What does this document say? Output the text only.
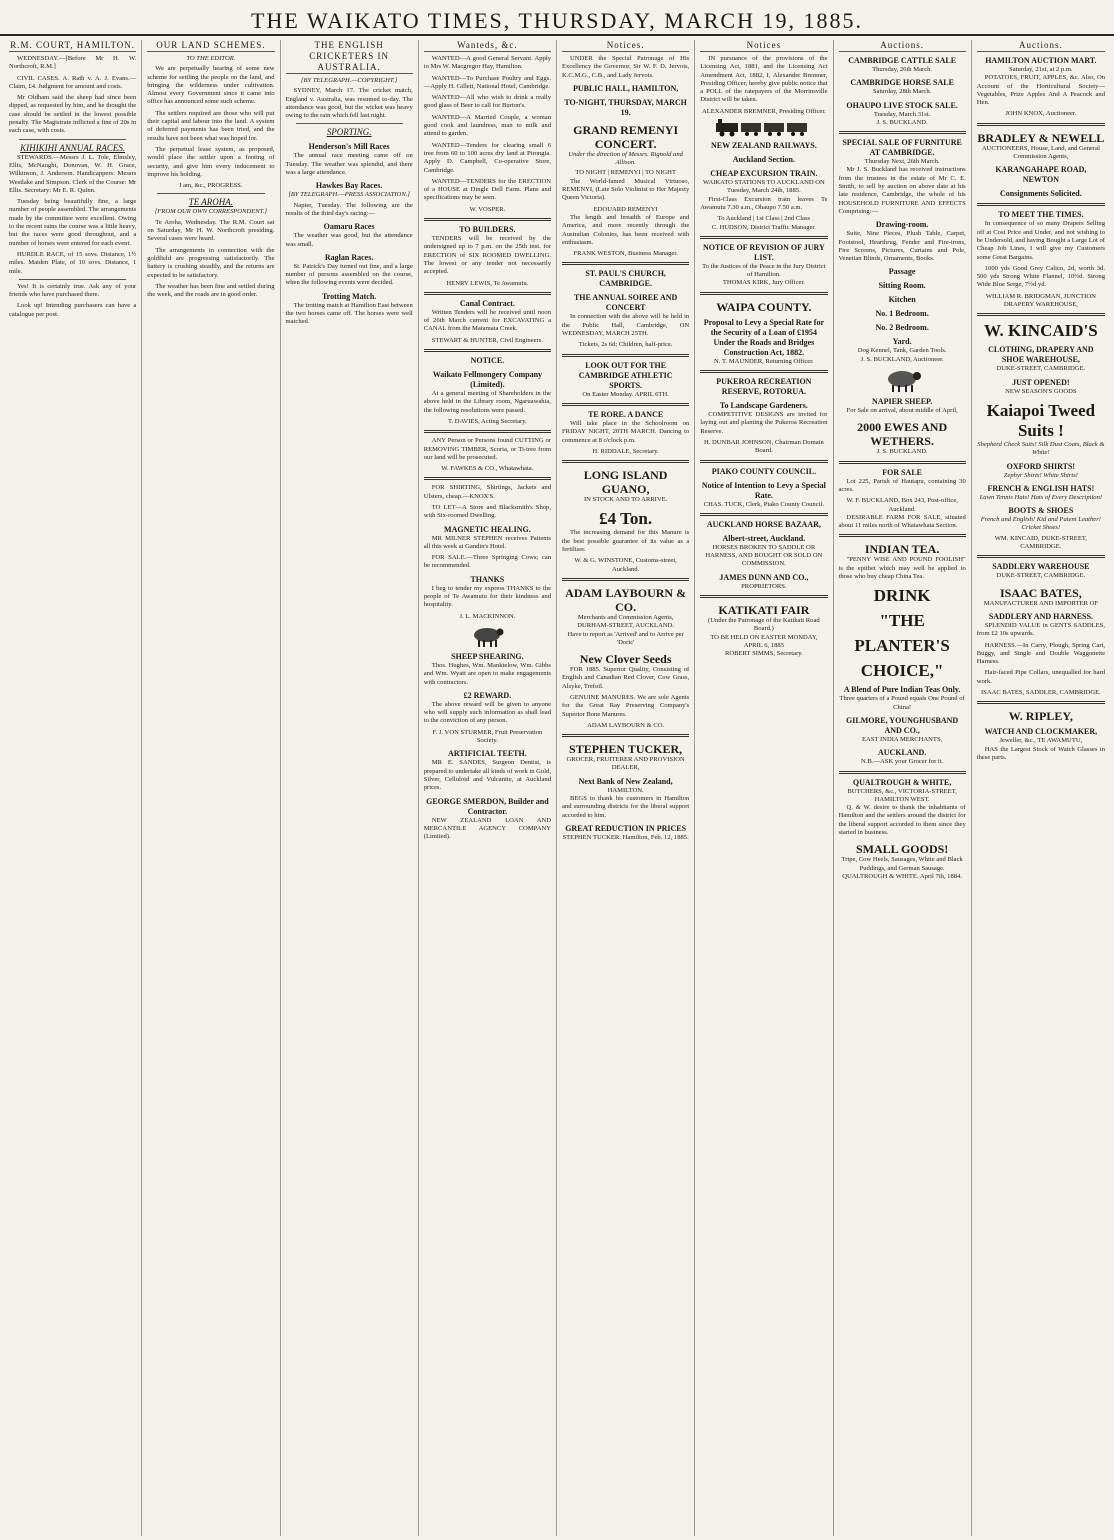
THE WAIKATO TIMES, THURSDAY, MARCH 19, 1885.
R.M. COURT, HAMILTON.
WEDNESDAY.—[Before Mr H. W. Northcroft, R.M.]
CIVIL CASES. A. Rath v. A. J. Evans.—Claim, £4. Judgment for amount and costs.
Mr Oldham said the sheep had since been dipped, as requested by him, and he thought the case should be settled in the lowest possible penalty. The Magistrate inflicted a fine of 20s in each case, with costs.
KIHIKIHI ANNUAL RACES.
STEWARDS.—Messrs J. L. Tole, Elmsley, Ellis, McNaught, Donovan, W. H. Grace, Wilkinson, J. Anderson. Handicappers: Messrs Westlake and Simpson. Clerk of the Course: Mr Ellis. Secretary: Mr E. R. Quinn.
Tuesday being beautifully fine, a large number of people assembled. The arrangements made by the committee were excellent. Owing to the recent rains the course was a little heavy, but the races were good throughout, and a number of horses were entered for each event.
HURDLE RACE, of 15 sovs. Distance, 1½ miles. Maiden Plate, of 10 sovs. Distance, 1 mile.
Yes! It is certainly true. Ask any of your friends who have purchased there.
Look up! Intending purchasers can have a catalogue per post.
OUR LAND SCHEMES.
TO THE EDITOR.
We are perpetually hearing of some new scheme for settling the people on the land, and bringing the wilderness under cultivation. Almost every Government since it came into office has announced some such scheme.
The settlers required are those who will put their capital and labour into the land. A system of deferred payments has been tried, and the results have not been what was hoped for.
The perpetual lease system, as proposed, would place the settler upon a footing of security, and give him every inducement to improve his holding.
I am, &c., PROGRESS.
TE AROHA.
[FROM OUR OWN CORRESPONDENT.]
Te Aroha, Wednesday. The R.M. Court sat on Saturday, Mr H. W. Northcroft presiding. Several cases were heard.
The arrangements in connection with the goldfield are progressing satisfactorily. The battery is crushing steadily, and the returns are expected to be satisfactory.
The weather has been fine and settled during the week, and the roads are in good order.
THE ENGLISH CRICKETERS IN AUSTRALIA.
[BY TELEGRAPH.—COPYRIGHT.]
SYDNEY, March 17. The cricket match, England v. Australia, was resumed to-day. The attendance was good, but the wicket was heavy owing to the rain which fell last night.
SPORTING.
Henderson's Mill Races
The annual race meeting came off on Tuesday. The weather was splendid, and there was a large attendance.
Hawkes Bay Races.
[BY TELEGRAPH.—PRESS ASSOCIATION.]
Napier, Tuesday. The following are the results of the third day's racing:—
Oamaru Races
The weather was good, but the attendance was small.
Raglan Races.
St. Patrick's Day turned out fine, and a large number of persons assembled on the course, when the following events were decided.
Trotting Match.
The trotting match at Hamilton East between the two horses came off. The horses were well matched.
Wanteds, &c.
WANTED—A good General Servant. Apply to Mrs W. Macgregor Hay, Hamilton.
WANTED—To Purchase Poultry and Eggs.—Apply H. Gillett, National Hotel, Cambridge.
WANTED—All who wish to drink a really good glass of Beer to call for Burton's.
WANTED—A Married Couple, a woman good cook and laundress, man to milk and attend to garden.
WANTED—Tenders for clearing small 6 tree from 60 to 100 acres dry land at Pirongia. Apply D. Campbell, Co-operative Store, Cambridge.
WANTED—TENDERS for the ERECTION of a HOUSE at Dingle Dell Farm. Plans and specifications may be seen.
W. VOSPER.
TO BUILDERS.
TENDERS will be received by the undersigned up to 7 p.m. on the 25th inst. for ERECTION of SIX ROOMED DWELLING. The lowest or any tender not necessarily accepted.
HENRY LEWIS, Te Awamutu.
Canal Contract.
Written Tenders will be received until noon of 26th March current for EXCAVATING a CANAL from the Matamata Creek.
STEWART & HUNTER, Civil Engineers.
NOTICE.
Waikato Fellmongery Company (Limited).
At a general meeting of Shareholders in the above held in the Library room, Ngaruawahia, the following resolutions were passed.
T. DAVIES, Acting Secretary.
ANY Person or Persons found CUTTING or REMOVING TIMBER, Scoria, or Ti-tree from our land will be prosecuted.
W. FAWKES & CO., Whatawhata.
FOR SHIRTING, Shirtings, Jackets and Ulsters, cheap.—KNOX'S.
TO LET—A Store and Blacksmith's Shop, with Six-roomed Dwelling.
MAGNETIC HEALING.
MR MILNER STEPHEN receives Patients all this week at Gandin's Hotel.
FOR SALE.—Three Springing Cows; can be recommended.
THANKS
I beg to tender my express THANKS to the people of Te Awamutu for their kindness and hospitality.
J. L. MACKINNON.
SHEEP SHEARING.
Thos. Hughes, Wm. Manktelow, Wm. Gibbs and Wm. Wyatt are open to make engagements with contractors.
£2 REWARD.
The above reward will be given to anyone who will supply such information as shall lead to the conviction of any person.
F. J. VON STURMER, Fruit Preservation Society.
ARTIFICIAL TEETH.
MR E. SANDES, Surgeon Dentist, is prepared to undertake all kinds of work in Gold, Silver, Celluloid and Vulcanite, at Auckland prices.
GEORGE SMERDON, Builder and Contractor.
NEW ZEALAND LOAN AND MERCANTILE AGENCY COMPANY (Limited).
Notices.
UNDER the Special Patronage of His Excellency the Governor, Sir W. F. D. Jervois, K.C.M.G., C.B., and Lady Jervois.
PUBLIC HALL, HAMILTON,
TO-NIGHT, THURSDAY, MARCH 19.
GRAND REMENYI CONCERT.
Under the direction of Messrs. Rignold and Allison.
TO NIGHT | REMENYI | TO NIGHT
The World-famed Musical Virtuoso, REMENYI, (Late Solo Violinist to Her Majesty Queen Victoria).
EDOUARD REMENYI
The length and breadth of Europe and America, and more recently through the Australian Colonies, has been received with enthusiasm.
FRANK WESTON, Business Manager.
ST. PAUL'S CHURCH, CAMBRIDGE.
THE ANNUAL SOIREE AND CONCERT
In connection with the above will be held in the Public Hall, Cambridge, ON WEDNESDAY, MARCH 25TH.
Tickets, 2s 6d; Children, half-price.
LOOK OUT FOR THE CAMBRIDGE ATHLETIC SPORTS.
On Easter Monday. APRIL 6TH.
TE RORE. A DANCE
Will take place in the Schoolroom on FRIDAY NIGHT, 20TH MARCH. Dancing to commence at 8 o'clock p.m.
H. RIDDALE, Secretary.
LONG ISLAND GUANO,
IN STOCK AND TO ARRIVE.
£4 Ton.
The increasing demand for this Manure is the best possible guarantee of its value as a fertiliser.
W. & G. WINSTONE, Customs-street, Auckland.
ADAM LAYBOURN & CO.
Merchants and Commission Agents, DURHAM-STREET, AUCKLAND.
Have to report as 'Arrived' and to Arrive per 'Doric'
New Clover Seeds
FOR 1885. Superior Quality, Consisting of English and Canadian Red Clover, Cow Grass, Alsyke, Trefoil.
GENUINE MANURES. We are sole Agents for the Great Ray Preserving Company's Superior Bone Manures.
ADAM LAYBOURN & CO.
STEPHEN TUCKER,
GROCER, FRUITERER AND PROVISION DEALER,
Next Bank of New Zealand,
HAMILTON.
BEGS to thank his customers in Hamilton and surrounding districts for the liberal support accorded to him.
GREAT REDUCTION IN PRICES
STEPHEN TUCKER. Hamilton, Feb. 12, 1885.
Notices
IN pursuance of the provisions of the Licensing Act, 1881, and the Licensing Act Amendment Act, 1882, I, Alexander Bremner, Presiding Officer, hereby give public notice that a POLL of the ratepayers of the Morrinsville District will be taken.
ALEXANDER BREMNER, Presiding Officer.
NEW ZEALAND RAILWAYS.
Auckland Section.
CHEAP EXCURSION TRAIN.
WAIKATO STATIONS TO AUCKLAND ON Tuesday, March 24th, 1885.
First-Class Excursion train leaves Te Awamutu 7.30 a.m., Ohaupo 7.50 a.m.
To Auckland | 1st Class | 2nd Class
C. HUDSON, District Traffic Manager.
NOTICE OF REVISION OF JURY LIST.
To the Justices of the Peace in the Jury District of Hamilton.
THOMAS KIRK, Jury Officer.
WAIPA COUNTY.
Proposal to Levy a Special Rate for the Security of a Loan of £1954 Under the Roads and Bridges Construction Act, 1882.
N. T. MAUNDER, Returning Officer.
PUKEROA RECREATION RESERVE, ROTORUA.
To Landscape Gardeners.
COMPETITIVE DESIGNS are invited for laying out and planting the Pukeroa Recreation Reserve.
H. DUNBAR JOHNSON, Chairman Domain Board.
PIAKO COUNTY COUNCIL.
Notice of Intention to Levy a Special Rate.
CHAS. TUCK, Clerk, Piako County Council.
AUCKLAND HORSE BAZAAR,
Albert-street, Auckland.
HORSES BROKEN TO SADDLE OR HARNESS, AND BOUGHT OR SOLD ON COMMISSION.
JAMES DUNN AND CO.,
PROPRIETORS.
KATIKATI FAIR
(Under the Patronage of the Katikati Road Board.)
TO BE HELD ON EASTER MONDAY, APRIL 6, 1885
ROBERT SIMMS, Secretary.
Auctions.
CAMBRIDGE CATTLE SALE
Thursday, 26th March.
CAMBRIDGE HORSE SALE
Saturday, 28th March.
OHAUPO LIVE STOCK SALE.
Tuesday, March 31st.
J. S. BUCKLAND.
SPECIAL SALE OF FURNITURE AT CAMBRIDGE.
Thursday Next, 26th March.
Mr J. S. Buckland has received instructions from the trustees in the estate of Mr C. E. Smith, to sell by auction on above date at his late residence, Cambridge, the whole of his HOUSEHOLD FURNITURE AND EFFECTS Comprising:—
Drawing-room.
Suite, Nine Pieces, Plush Table, Carpet, Footstool, Hearthrug, Fender and Fire-irons, Fire Screens, Pictures, Curtains and Pole, Venetian Blinds, Ornaments, Books.
Passage
Sitting Room.
Kitchen
No. 1 Bedroom.
No. 2 Bedroom.
Yard.
Dog Kennel, Tank, Garden Tools.
J. S. BUCKLAND, Auctioneer.
NAPIER SHEEP.
For Sale on arrival, about middle of April,
2000 EWES AND WETHERS.
J. S. BUCKLAND.
FOR SALE
Lot 225, Parish of Hautapu, containing 30 acres.
W. F. BUCKLAND, Box 243, Post-office, Auckland.
DESIRABLE FARM FOR SALE, situated about 11 miles north of Whatawhata Section.
INDIAN TEA.
"PENNY WISE AND POUND FOOLISH" is the epithet which may well be applied to those who buy cheap China Tea.
DRINK
"THE
PLANTER'S
CHOICE,"
A Blend of Pure Indian Teas Only.
Three quarters of a Pound equals One Pound of China!
GILMORE, YOUNGHUSBAND AND CO.,
EAST INDIA MERCHANTS,
AUCKLAND.
N.B.—ASK your Grocer for it.
QUALTROUGH & WHITE,
BUTCHERS, &c., VICTORIA-STREET, HAMILTON WEST.
Q. & W. desire to thank the inhabitants of Hamilton and the settlers around the district for the liberal support accorded to them since they started in business.
SMALL GOODS!
Tripe, Cow Heels, Sausages, White and Black Puddings, and German Sausage.
QUALTROUGH & WHITE. April 7th, 1884.
Auctions.
HAMILTON AUCTION MART.
Saturday, 21st, at 2 p.m.
POTATOES, FRUIT, APPLES, &c. Also, On Account of the Horticultural Society— Vegetables, Prize Apples And A Peacock and Hen.
JOHN KNOX, Auctioneer.
BRADLEY & NEWELL
AUCTIONEERS, House, Land, and General Commission Agents,
KARANGAHAPE ROAD, NEWTON
Consignments Solicited.
TO MEET THE TIMES.
In consequence of so many Drapers Selling off at Cost Price and Under, and not wishing to be Undersold, and having Bought a Large Lot of Cheap Job Lines, I will give my Customers some Great Bargains.
1000 yds Good Grey Calico, 2d, worth 3d. 500 yds Strong White Flannel, 10½d. Strong Wide Blue Serge, 7½d yd.
WILLIAM R. BRIDGMAN, JUNCTION DRAPERY WAREHOUSE,
W. KINCAID'S
CLOTHING, DRAPERY AND SHOE WAREHOUSE,
DUKE-STREET, CAMBRIDGE.
JUST OPENED!
NEW SEASON'S GOODS
Kaiapoi Tweed Suits !
Shepherd Check Suits! Silk Dust Coats, Black & White!
OXFORD SHIRTS!
Zephyr Shirts! White Shirts!
FRENCH & ENGLISH HATS!
Lawn Tennis Hats! Hats of Every Description!
BOOTS & SHOES
French and English! Kid and Patent Leather! Cricket Shoes!
WM. KINCAID, DUKE-STREET, CAMBRIDGE.
SADDLERY WAREHOUSE
DUKE-STREET, CAMBRIDGE.
ISAAC BATES,
MANUFACTURER AND IMPORTER OF
SADDLERY AND HARNESS.
SPLENDID VALUE in GENTS SADDLES, from £2 10s upwards.
HARNESS.—In Carry, Plough, Spring Cart, Buggy, and Single and Double Waggonette Harness.
Hair-faced Pipe Collars, unequalled for hard work.
ISAAC BATES, SADDLER, CAMBRIDGE.
W. RIPLEY,
WATCH AND CLOCKMAKER,
Jeweller, &c., TE AWAMUTU,
HAS the Largest Stock of Watch Glasses in these parts.
